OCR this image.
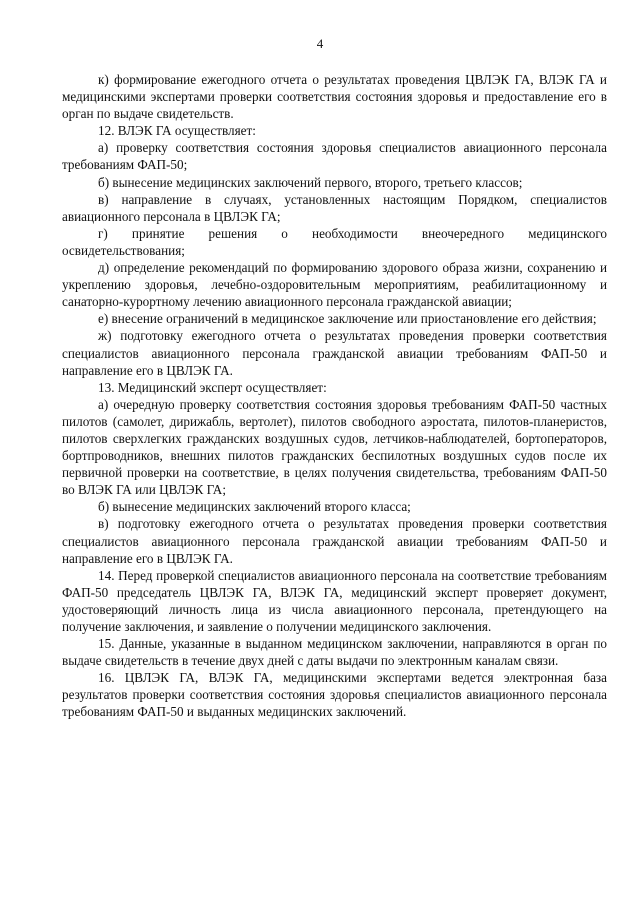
4

к) формирование ежегодного отчета о результатах проведения ЦВЛЭК ГА, ВЛЭК ГА и медицинскими экспертами проверки соответствия состояния здоровья и предоставление его в орган по выдаче свидетельств.

12. ВЛЭК ГА осуществляет:

а) проверку соответствия состояния здоровья специалистов авиационного персонала требованиям ФАП-50;

б) вынесение медицинских заключений первого, второго, третьего классов;

в) направление в случаях, установленных настоящим Порядком, специалистов авиационного персонала в ЦВЛЭК ГА;

г) принятие решения о необходимости внеочередного медицинского освидетельствования;

д) определение рекомендаций по формированию здорового образа жизни, сохранению и укреплению здоровья, лечебно-оздоровительным мероприятиям, реабилитационному и санаторно-курортному лечению авиационного персонала гражданской авиации;

е) внесение ограничений в медицинское заключение или приостановление его действия;

ж) подготовку ежегодного отчета о результатах проведения проверки соответствия специалистов авиационного персонала гражданской авиации требованиям ФАП-50 и направление его в ЦВЛЭК ГА.

13. Медицинский эксперт осуществляет:

а) очередную проверку соответствия состояния здоровья требованиям ФАП-50 частных пилотов (самолет, дирижабль, вертолет), пилотов свободного аэростата, пилотов-планеристов, пилотов сверхлегких гражданских воздушных судов, летчиков-наблюдателей, бортоператоров, бортпроводников, внешних пилотов гражданских беспилотных воздушных судов после их первичной проверки на соответствие, в целях получения свидетельства, требованиям ФАП-50 во ВЛЭК ГА или ЦВЛЭК ГА;

б) вынесение медицинских заключений второго класса;

в) подготовку ежегодного отчета о результатах проведения проверки соответствия специалистов авиационного персонала гражданской авиации требованиям ФАП-50 и направление его в ЦВЛЭК ГА.

14. Перед проверкой специалистов авиационного персонала на соответствие требованиям ФАП-50 председатель ЦВЛЭК ГА, ВЛЭК ГА, медицинский эксперт проверяет документ, удостоверяющий личность лица из числа авиационного персонала, претендующего на получение заключения, и заявление о получении медицинского заключения.

15. Данные, указанные в выданном медицинском заключении, направляются в орган по выдаче свидетельств в течение двух дней с даты выдачи по электронным каналам связи.

16. ЦВЛЭК ГА, ВЛЭК ГА, медицинскими экспертами ведется электронная база результатов проверки соответствия состояния здоровья специалистов авиационного персонала требованиям ФАП-50 и выданных медицинских заключений.
